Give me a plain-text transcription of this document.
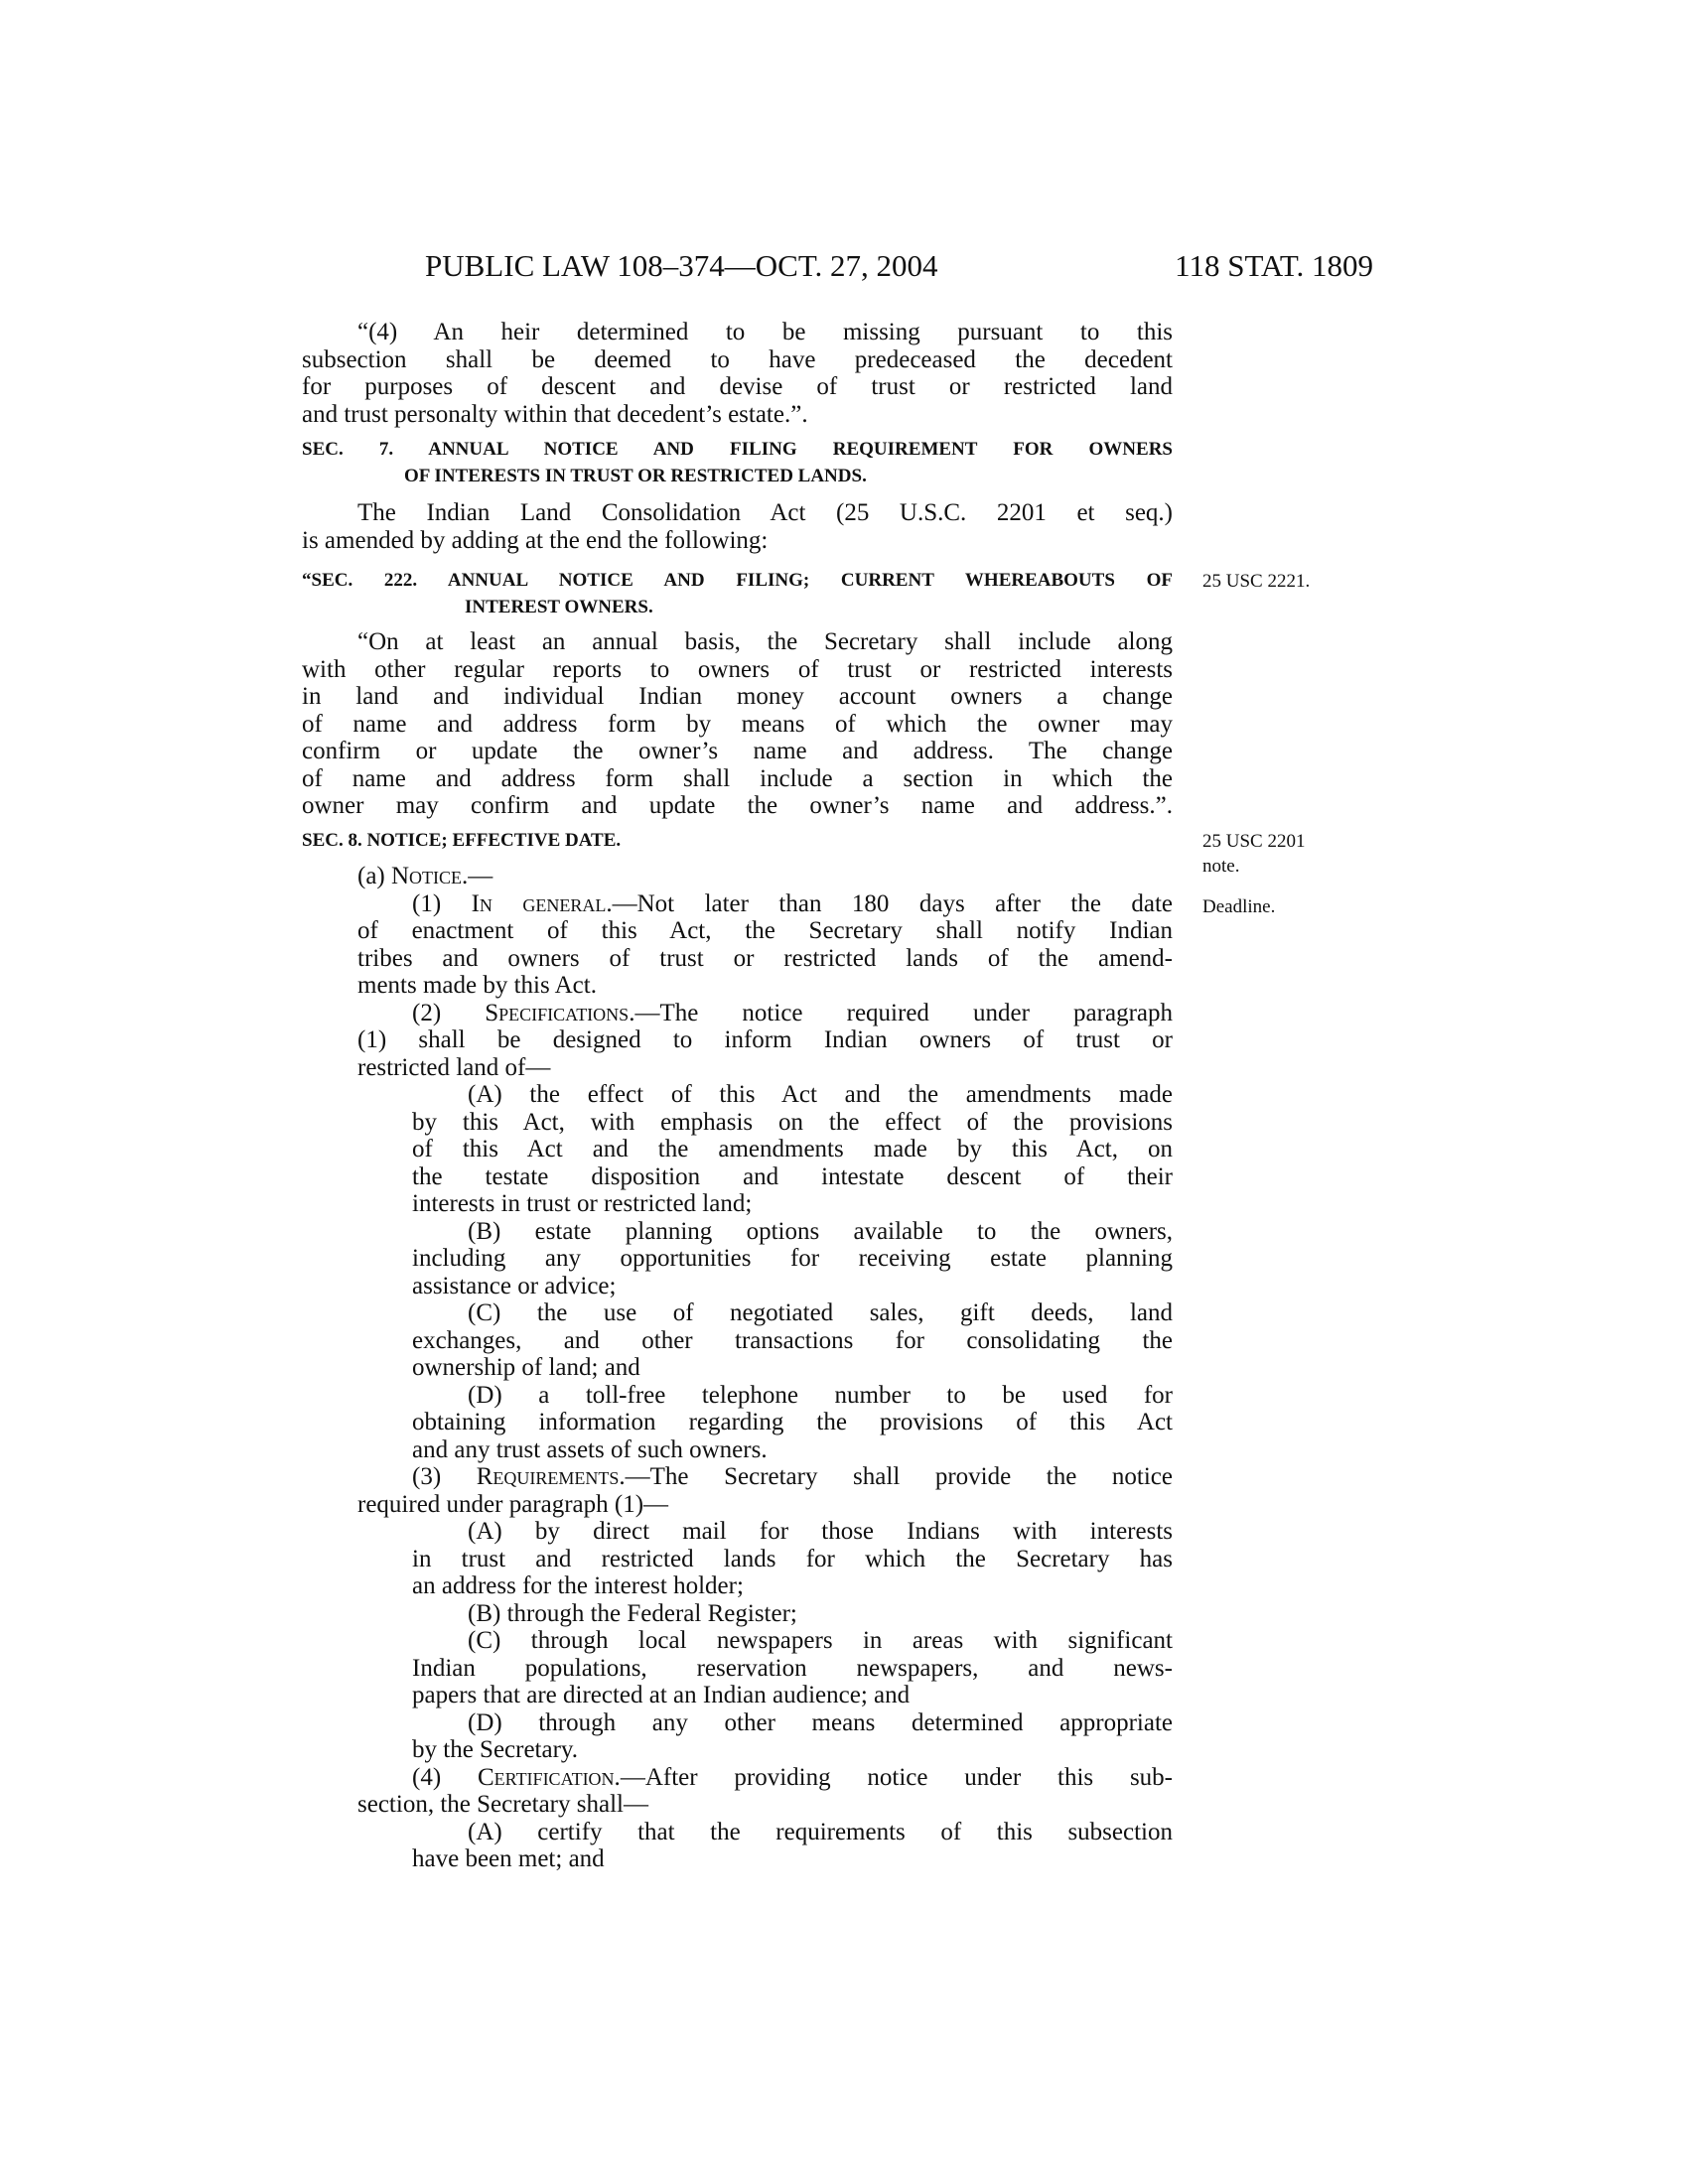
PUBLIC LAW 108–374—OCT. 27, 2004	118 STAT. 1809
“(4) An heir determined to be missing pursuant to this
subsection shall be deemed to have predeceased the decedent
for purposes of descent and devise of trust or restricted land
and trust personalty within that decedent’s estate.”.
SEC. 7. ANNUAL NOTICE AND FILING REQUIREMENT FOR OWNERS
OF INTERESTS IN TRUST OR RESTRICTED LANDS.
The Indian Land Consolidation Act (25 U.S.C. 2201 et seq.)
is amended by adding at the end the following:
“SEC. 222. ANNUAL NOTICE AND FILING; CURRENT WHEREABOUTS OF
INTEREST OWNERS.
“On at least an annual basis, the Secretary shall include along
with other regular reports to owners of trust or restricted interests
in land and individual Indian money account owners a change
of name and address form by means of which the owner may
confirm or update the owner’s name and address. The change
of name and address form shall include a section in which the
owner may confirm and update the owner’s name and address.”.
SEC. 8. NOTICE; EFFECTIVE DATE.
(a) Notice.—
(1) In general.—Not later than 180 days after the date
of enactment of this Act, the Secretary shall notify Indian
tribes and owners of trust or restricted lands of the amend-
ments made by this Act.
(2) Specifications.—The notice required under paragraph
(1) shall be designed to inform Indian owners of trust or
restricted land of—
(A) the effect of this Act and the amendments made
by this Act, with emphasis on the effect of the provisions
of this Act and the amendments made by this Act, on
the testate disposition and intestate descent of their
interests in trust or restricted land;
(B) estate planning options available to the owners,
including any opportunities for receiving estate planning
assistance or advice;
(C) the use of negotiated sales, gift deeds, land
exchanges, and other transactions for consolidating the
ownership of land; and
(D) a toll-free telephone number to be used for
obtaining information regarding the provisions of this Act
and any trust assets of such owners.
(3) Requirements.—The Secretary shall provide the notice
required under paragraph (1)—
(A) by direct mail for those Indians with interests
in trust and restricted lands for which the Secretary has
an address for the interest holder;
(B) through the Federal Register;
(C) through local newspapers in areas with significant
Indian populations, reservation newspapers, and news-
papers that are directed at an Indian audience; and
(D) through any other means determined appropriate
by the Secretary.
(4) Certification.—After providing notice under this sub-
section, the Secretary shall—
(A) certify that the requirements of this subsection
have been met; and
25 USC 2221.
25 USC 2201
note.
Deadline.
